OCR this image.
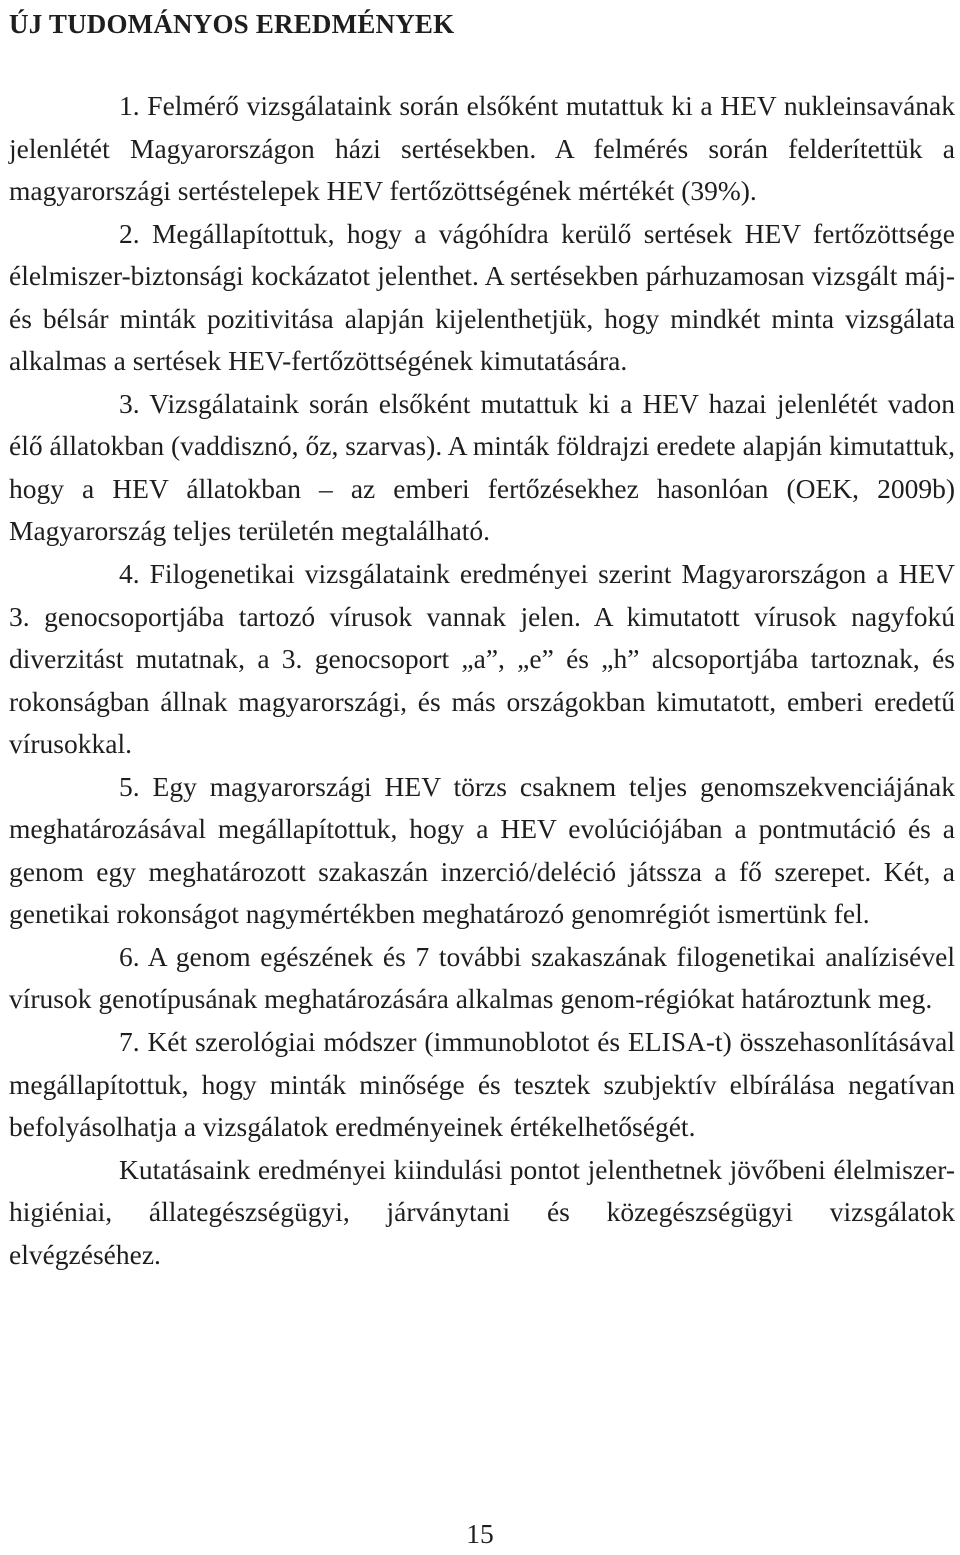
ÚJ TUDOMÁNYOS EREDMÉNYEK

1. Felmérő vizsgálataink során elsőként mutattuk ki a HEV nukleinsavának jelenlétét Magyarországon házi sertésekben. A felmérés során felderítettük a magyarországi sertéstelepek HEV fertőzöttségének mértékét (39%).

2. Megállapítottuk, hogy a vágóhídra kerülő sertések HEV fertőzöttsége élelmiszer-biztonsági kockázatot jelenthet. A sertésekben párhuzamosan vizsgált máj- és bélsár minták pozitivitása alapján kijelenthetjük, hogy mindkét minta vizsgálata alkalmas a sertések HEV-fertőzöttségének kimutatására.

3. Vizsgálataink során elsőként mutattuk ki a HEV hazai jelenlétét vadon élő állatokban (vaddisznó, őz, szarvas). A minták földrajzi eredete alapján kimutattuk, hogy a HEV állatokban – az emberi fertőzésekhez hasonlóan (OEK, 2009b) Magyarország teljes területén megtalálható.

4. Filogenetikai vizsgálataink eredményei szerint Magyarországon a HEV 3. genocsoportjába tartozó vírusok vannak jelen. A kimutatott vírusok nagyfokú diverzitást mutatnak, a 3. genocsoport „a”, „e” és „h” alcsoportjába tartoznak, és rokonságban állnak magyarországi, és más országokban kimutatott, emberi eredetű vírusokkal.

5. Egy magyarországi HEV törzs csaknem teljes genomszekvenciájának meghatározásával megállapítottuk, hogy a HEV evolúciójában a pontmutáció és a genom egy meghatározott szakaszán inzerció/deléció játssza a fő szerepet. Két, a genetikai rokonságot nagymértékben meghatározó genomrégiót ismertünk fel.

6. A genom egészének és 7 további szakaszának filogenetikai analízisével vírusok genotípusának meghatározására alkalmas genom-régiókat határoztunk meg.

7. Két szerológiai módszer (immunoblotot és ELISA-t) összehasonlításával megállapítottuk, hogy minták minősége és tesztek szubjektív elbírálása negatívan befolyásolhatja a vizsgálatok eredményeinek értékelhetőségét.

Kutatásaink eredményei kiindulási pontot jelenthetnek jövőbeni élelmiszer-higiéniai, állategészségügyi, járványtani és közegészségügyi vizsgálatok elvégzéséhez.

15
